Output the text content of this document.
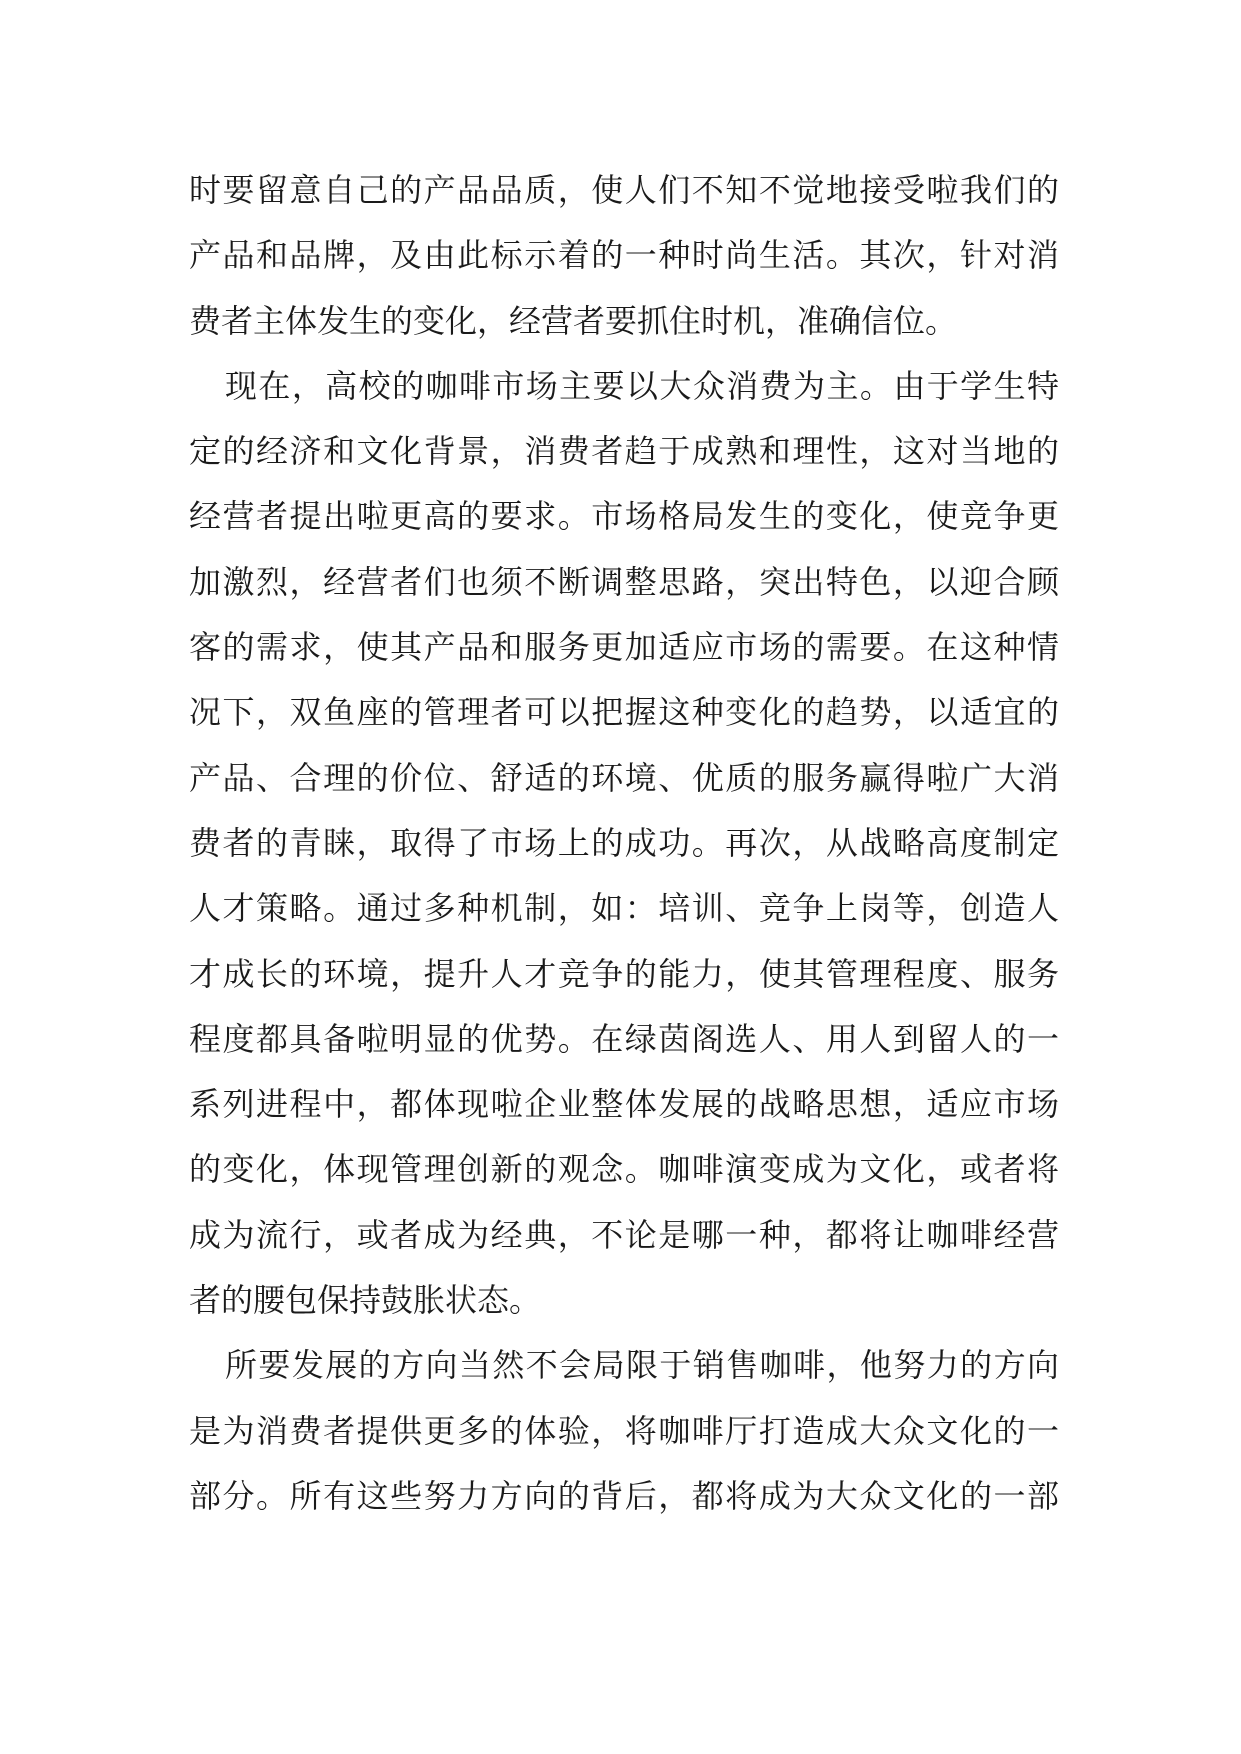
时要留意自己的产品品质，使人们不知不觉地接受啦我们的
产品和品牌，及由此标示着的一种时尚生活。其次，针对消
费者主体发生的变化，经营者要抓住时机，准确信位。
现在，高校的咖啡市场主要以大众消费为主。由于学生特
定的经济和文化背景，消费者趋于成熟和理性，这对当地的
经营者提出啦更高的要求。市场格局发生的变化，使竞争更
加激烈，经营者们也须不断调整思路，突出特色，以迎合顾
客的需求，使其产品和服务更加适应市场的需要。在这种情
况下，双鱼座的管理者可以把握这种变化的趋势，以适宜的
产品、合理的价位、舒适的环境、优质的服务赢得啦广大消
费者的青睐，取得了市场上的成功。再次，从战略高度制定
人才策略。通过多种机制，如：培训、竞争上岗等，创造人
才成长的环境，提升人才竞争的能力，使其管理程度、服务
程度都具备啦明显的优势。在绿茵阁选人、用人到留人的一
系列进程中，都体现啦企业整体发展的战略思想，适应市场
的变化，体现管理创新的观念。咖啡演变成为文化，或者将
成为流行，或者成为经典，不论是哪一种，都将让咖啡经营
者的腰包保持鼓胀状态。
所要发展的方向当然不会局限于销售咖啡，他努力的方向
是为消费者提供更多的体验，将咖啡厅打造成大众文化的一
部分。所有这些努力方向的背后，都将成为大众文化的一部
